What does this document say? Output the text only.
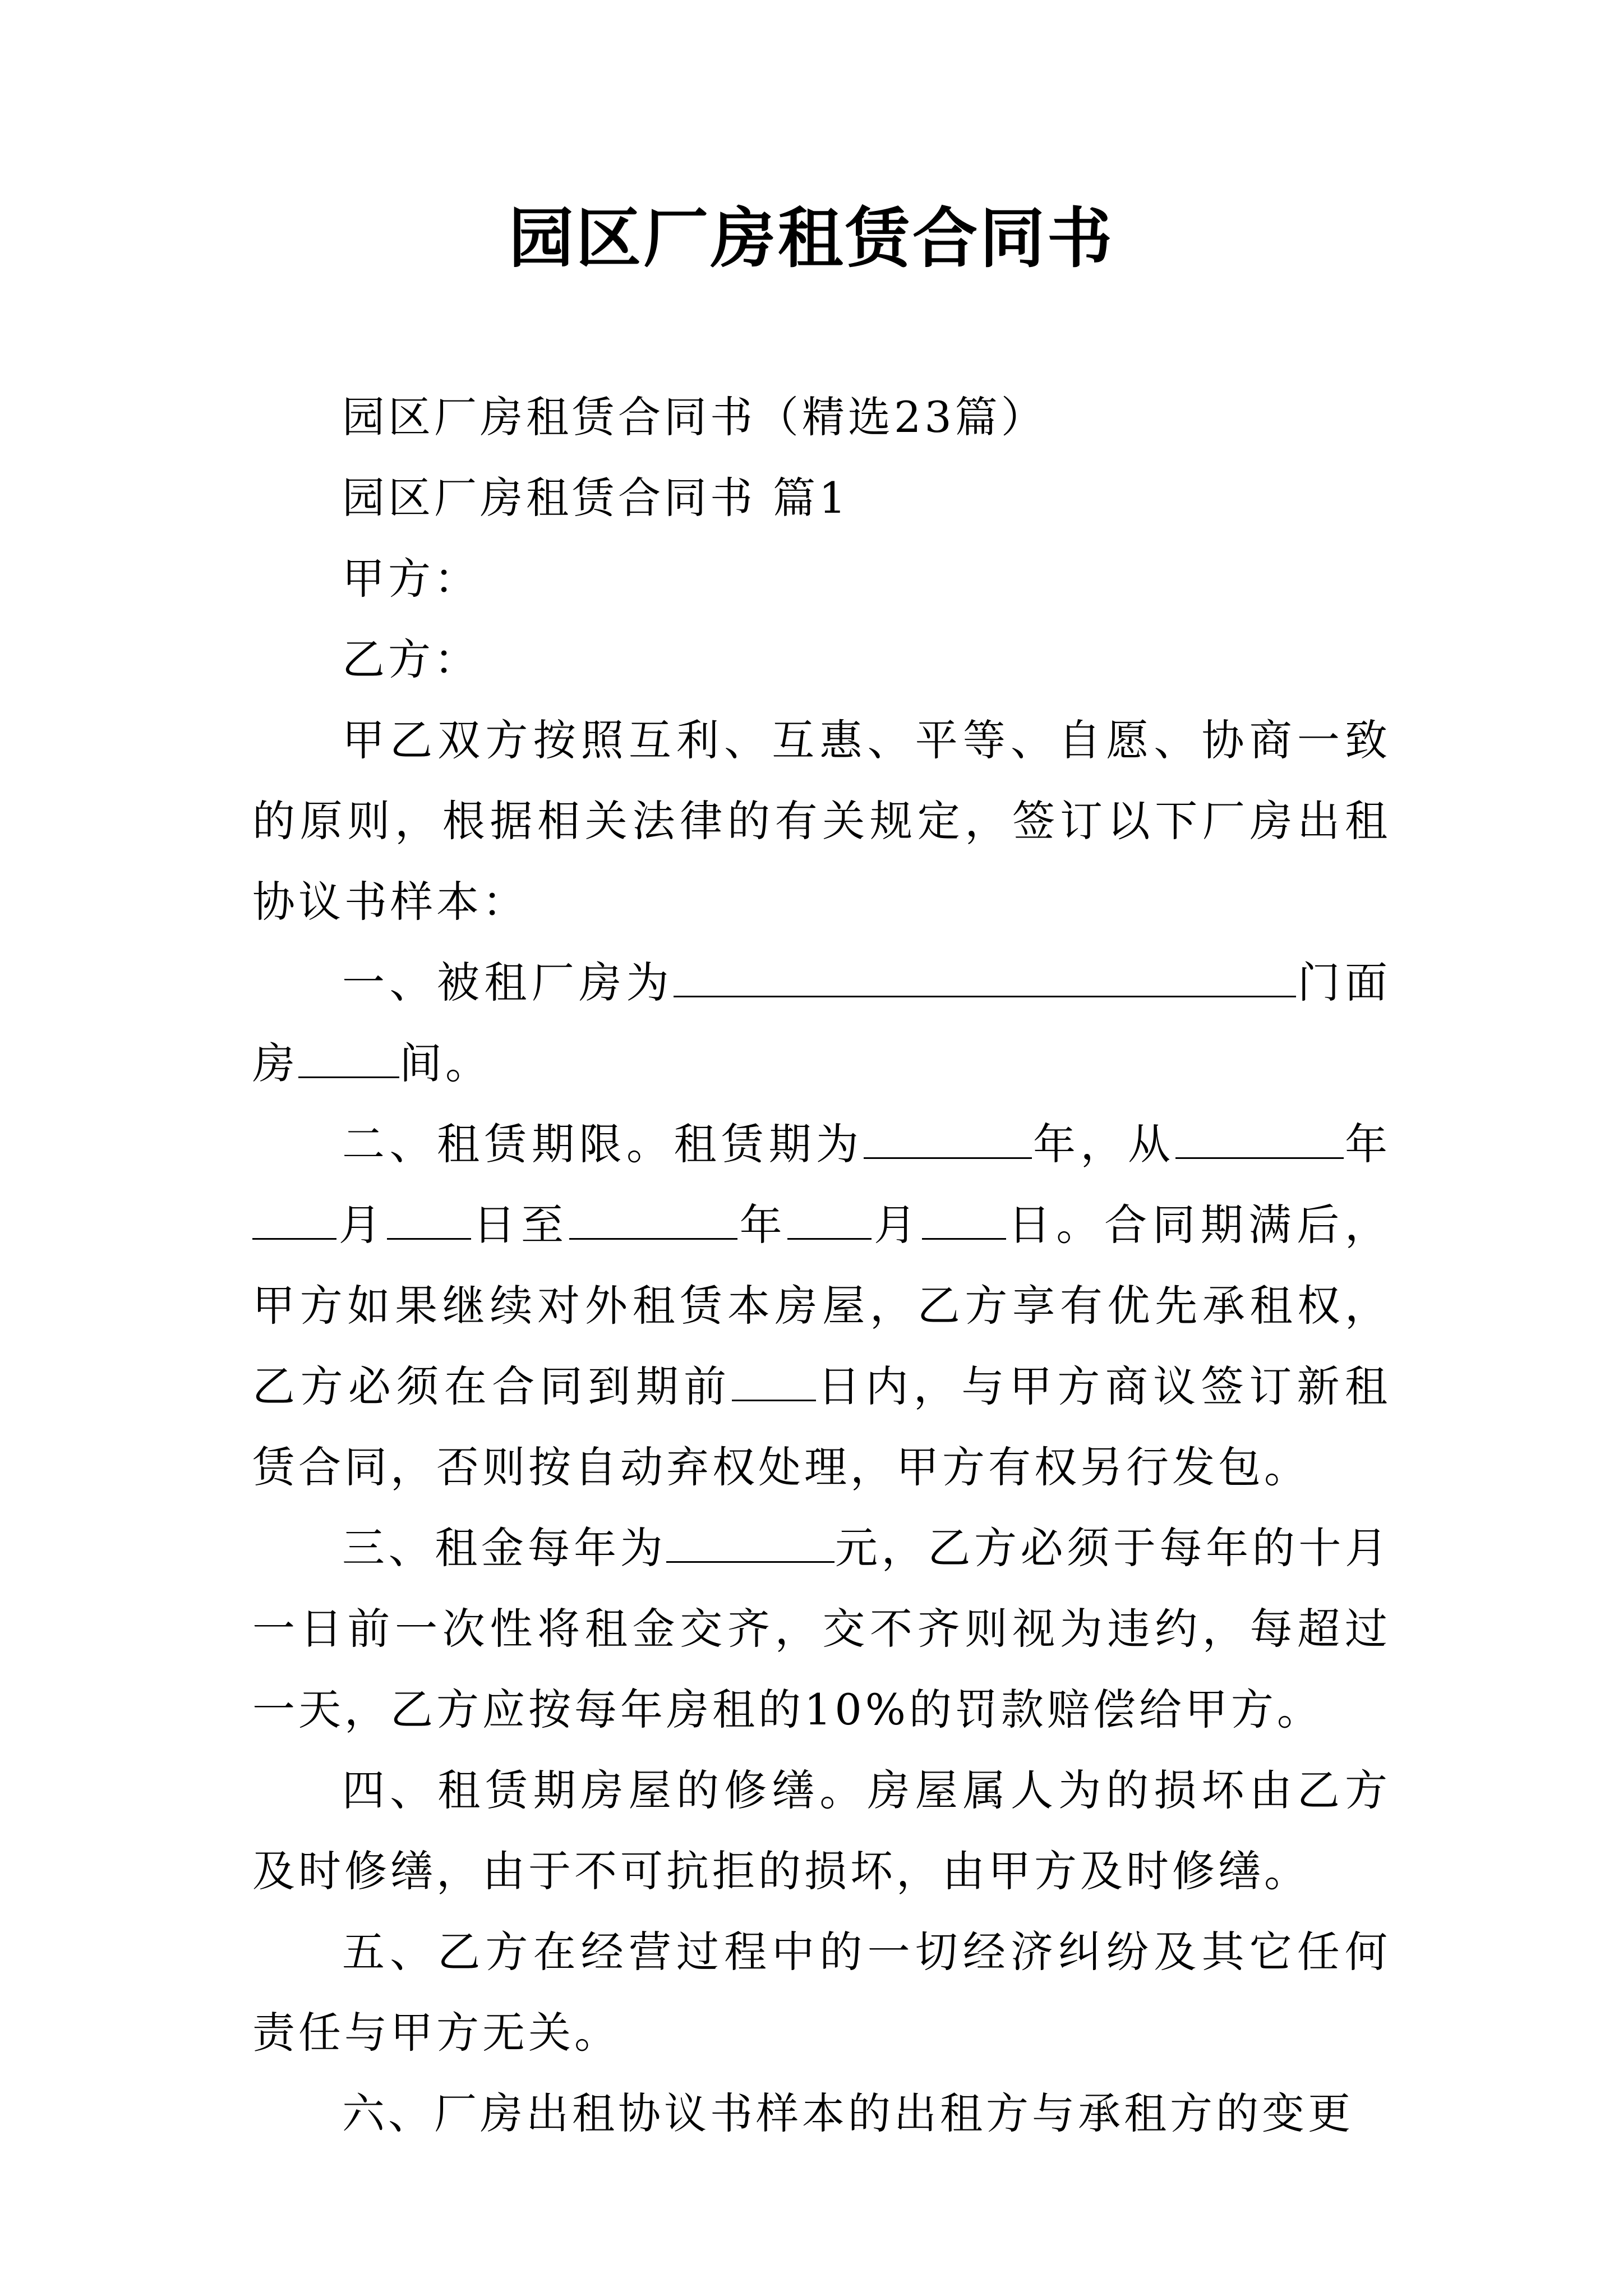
园区厂房租赁合同书

园区厂房租赁合同书（精选23篇）

园区厂房租赁合同书 篇1

甲方：

乙方：

甲乙双方按照互利、互惠、平等、自愿、协商一致的原则，根据相关法律的有关规定，签订以下厂房出租协议书样本：

一、被租厂房为	门面房 间。

二、租赁期限。租赁期为	年，从	年月 日至	年 月 日。合同期满后，甲方如果继续对外租赁本房屋，乙方享有优先承租权，乙方必须在合同到期前 日内，与甲方商议签订新租赁合同，否则按自动弃权处理，甲方有权另行发包。

三、租金每年为	元，乙方必须于每年的十月一日前一次性将租金交齐，交不齐则视为违约，每超过一天，乙方应按每年房租的10%的罚款赔偿给甲方。

四、租赁期房屋的修缮。房屋属人为的损坏由乙方及时修缮，由于不可抗拒的损坏，由甲方及时修缮。

五、乙方在经营过程中的一切经济纠纷及其它任何责任与甲方无关。

六、厂房出租协议书样本的出租方与承租方的变更
